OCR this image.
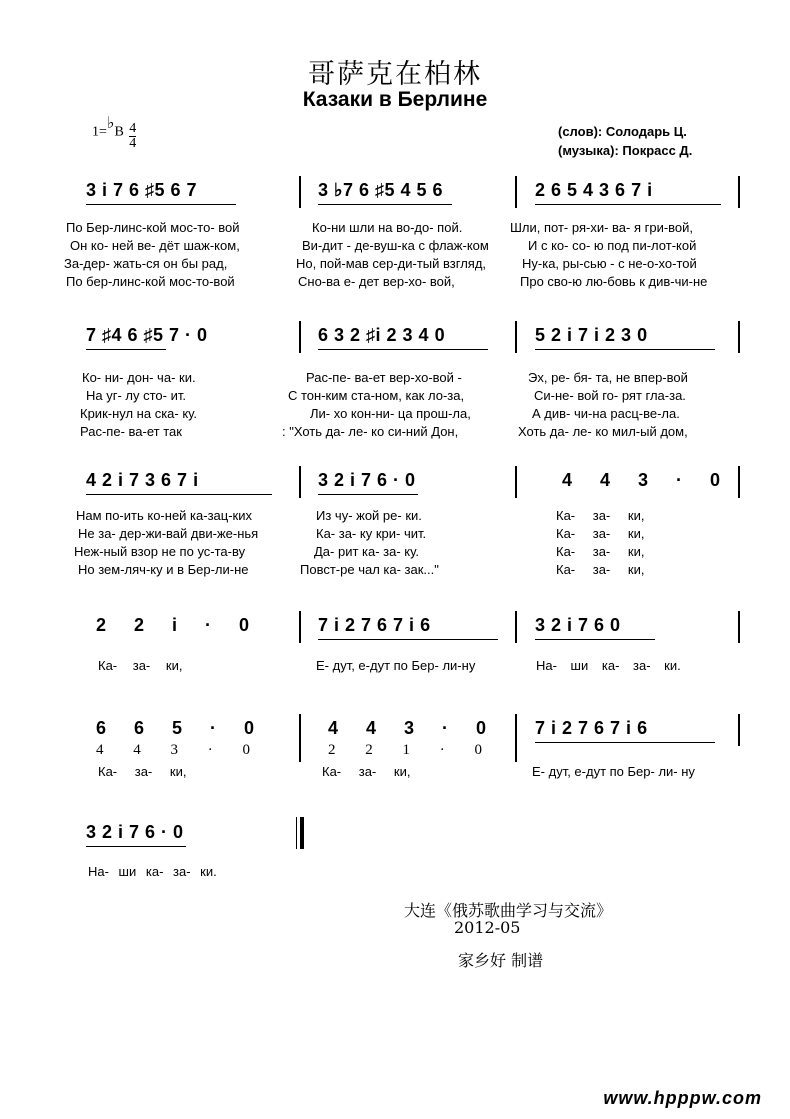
哥萨克在柏林
Казаки в Берлине
1=♭B $\frac{4}{4}$	(слов): Солодарь Ц.
(музыка): Покрасс Д.
3 i 7 6 ♯5 6 7	3 ♭7 6 ♯5 4 5 6	2 6 5 4 3 6 7 i
По Бер-линс-кой мос-то- вой	Ко-ни шли на во-до- пой.	Шли, пот- ря-хи- ва- я гри-вой,
Он ко- ней ве- дёт шаж-ком,	Ви-дит - де-вуш-ка с флаж-ком	И с ко- со- ю под пи-лот-кой
За-дер- жать-ся он бы рад,	Но, пой-мав сер-ди-тый взгляд,	Ну-ка, ры-сью - с не-о-хо-той
По бер-линс-кой мос-то-вой	Сно-ва е- дет вер-хо- вой,	Про сво-ю лю-бовь к див-чи-не
7 ♯4 6 ♯5 7 · 0	6 3 2 ♯i 2 3 4 0	5 2 i 7 i 2 3 0
Ко- ни- дон- ча- ки.	Рас-пе- ва-ет вер-хо-вой -	Эх, ре- бя- та, не впер-вой
На уг- лу сто- ит.	С тон-ким ста-ном, как ло-за,	Си-не- вой го- рят гла-за.
Крик-нул на ска- ку.	Ли- хо кон-ни- ца прош-ла,	А див- чи-на расц-ве-ла.
Рас-пе- ва-ет так	: "Хоть да- ле- ко си-ний Дон,	Хоть да- ле- ко мил-ый дом,
4 2 i 7 3 6 7 i	3 2 i 7 6 · 0	4 4 3 · 0
Нам по-ить ко-ней ка-зац-ких	Из чу- жой ре- ки.	Ка- за- ки,
Не за- дер-жи-вай дви-же-нья	Ка- за- ку кри- чит.	Ка- за- ки,
Неж-ный взор не по ус-та-ву	Да- рит ка- за- ку.	Ка- за- ки,
Но зем-ляч-ку и в Бер-ли-не	Повст-ре чал ка- зак..."	Ка- за- ки,
2 2 i · 0	7 i 2 7 6 7 i 6	3 2 i 7 6 0
Ка- за- ки,	Е- дут, е-дут по Бер- ли-ну	На- ши ка- за- ки.
6 6 5 · 0	4 4 3 · 0	7 i 2 7 6 7 i 6
4 4 3 · 0	2 2 1 · 0
Ка- за- ки,	Ка- за- ки,	Е- дут, е-дут по Бер- ли- ну
3 2 i 7 6 · 0
На- ши ка- за- ки.
大连《俄苏歌曲学习与交流》
2012-05
家乡好 制谱
www.hpppw.com
